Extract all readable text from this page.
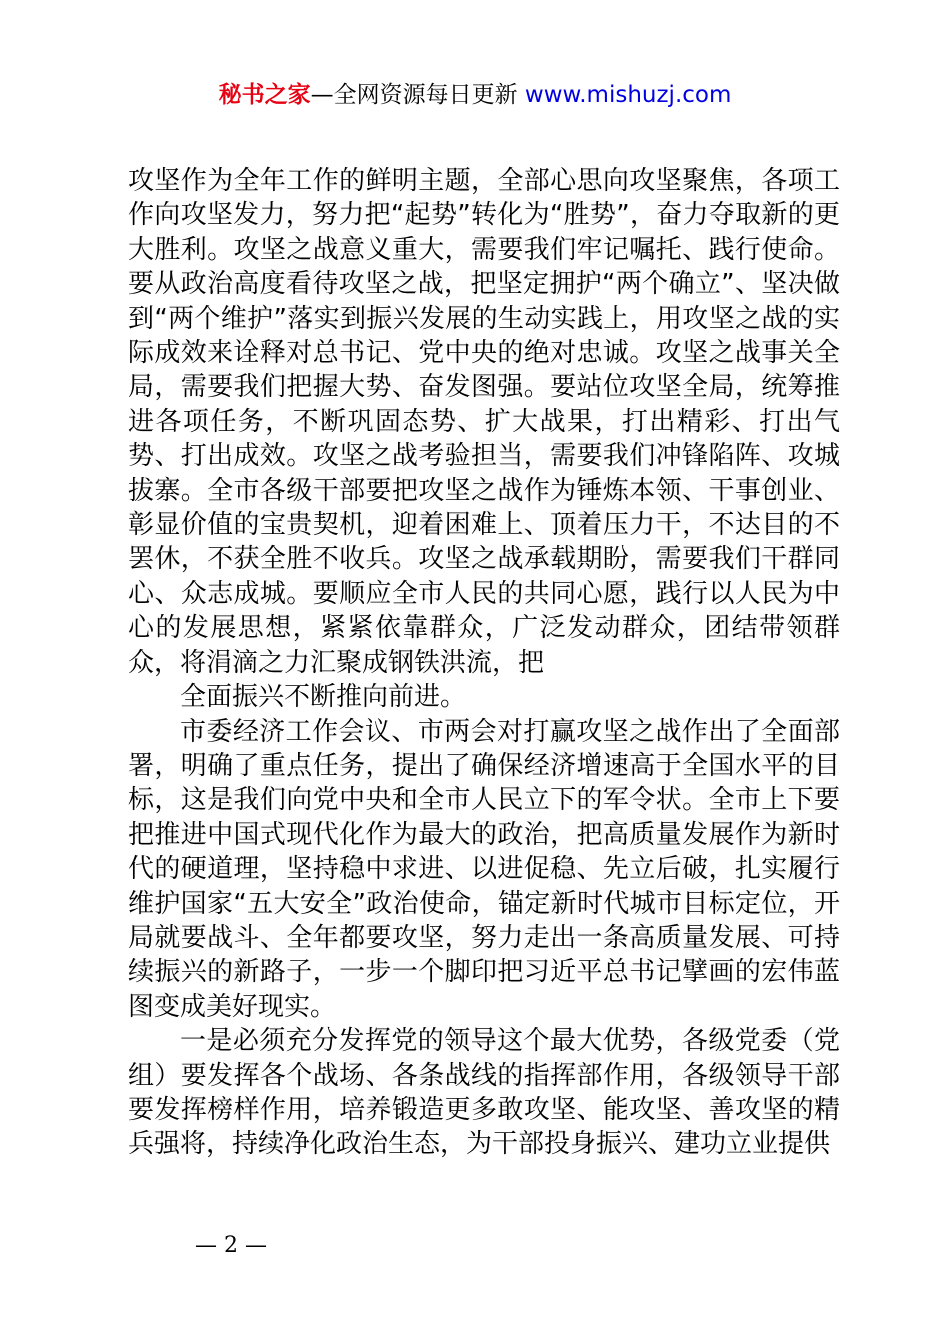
秘书之家—全网资源每日更新 www.mishuzj.com

攻坚作为全年工作的鲜明主题，全部心思向攻坚聚焦，各项工作向攻坚发力，努力把“起势”转化为“胜势”，奋力夺取新的更大胜利。攻坚之战意义重大，需要我们牢记嘱托、践行使命。要从政治高度看待攻坚之战，把坚定拥护“两个确立”、坚决做到“两个维护”落实到振兴发展的生动实践上，用攻坚之战的实际成效来诠释对总书记、党中央的绝对忠诚。攻坚之战事关全局，需要我们把握大势、奋发图强。要站位攻坚全局，统筹推进各项任务，不断巩固态势、扩大战果，打出精彩、打出气势、打出成效。攻坚之战考验担当，需要我们冲锋陷阵、攻城拔寨。全市各级干部要把攻坚之战作为锤炼本领、干事创业、彰显价值的宝贵契机，迎着困难上、顶着压力干，不达目的不罢休，不获全胜不收兵。攻坚之战承载期盼，需要我们干群同心、众志成城。要顺应全市人民的共同心愿，践行以人民为中心的发展思想，紧紧依靠群众，广泛发动群众，团结带领群众，将涓滴之力汇聚成钢铁洪流，把

全面振兴不断推向前进。

市委经济工作会议、市两会对打赢攻坚之战作出了全面部署，明确了重点任务，提出了确保经济增速高于全国水平的目标，这是我们向党中央和全市人民立下的军令状。全市上下要把推进中国式现代化作为最大的政治，把高质量发展作为新时代的硬道理，坚持稳中求进、以进促稳、先立后破，扎实履行维护国家“五大安全”政治使命，锚定新时代城市目标定位，开局就要战斗、全年都要攻坚，努力走出一条高质量发展、可持续振兴的新路子，一步一个脚印把习近平总书记擘画的宏伟蓝图变成美好现实。

一是必须充分发挥党的领导这个最大优势，各级党委（党组）要发挥各个战场、各条战线的指挥部作用，各级领导干部要发挥榜样作用，培养锻造更多敢攻坚、能攻坚、善攻坚的精兵强将，持续净化政治生态，为干部投身振兴、建功立业提供

— 2 —
